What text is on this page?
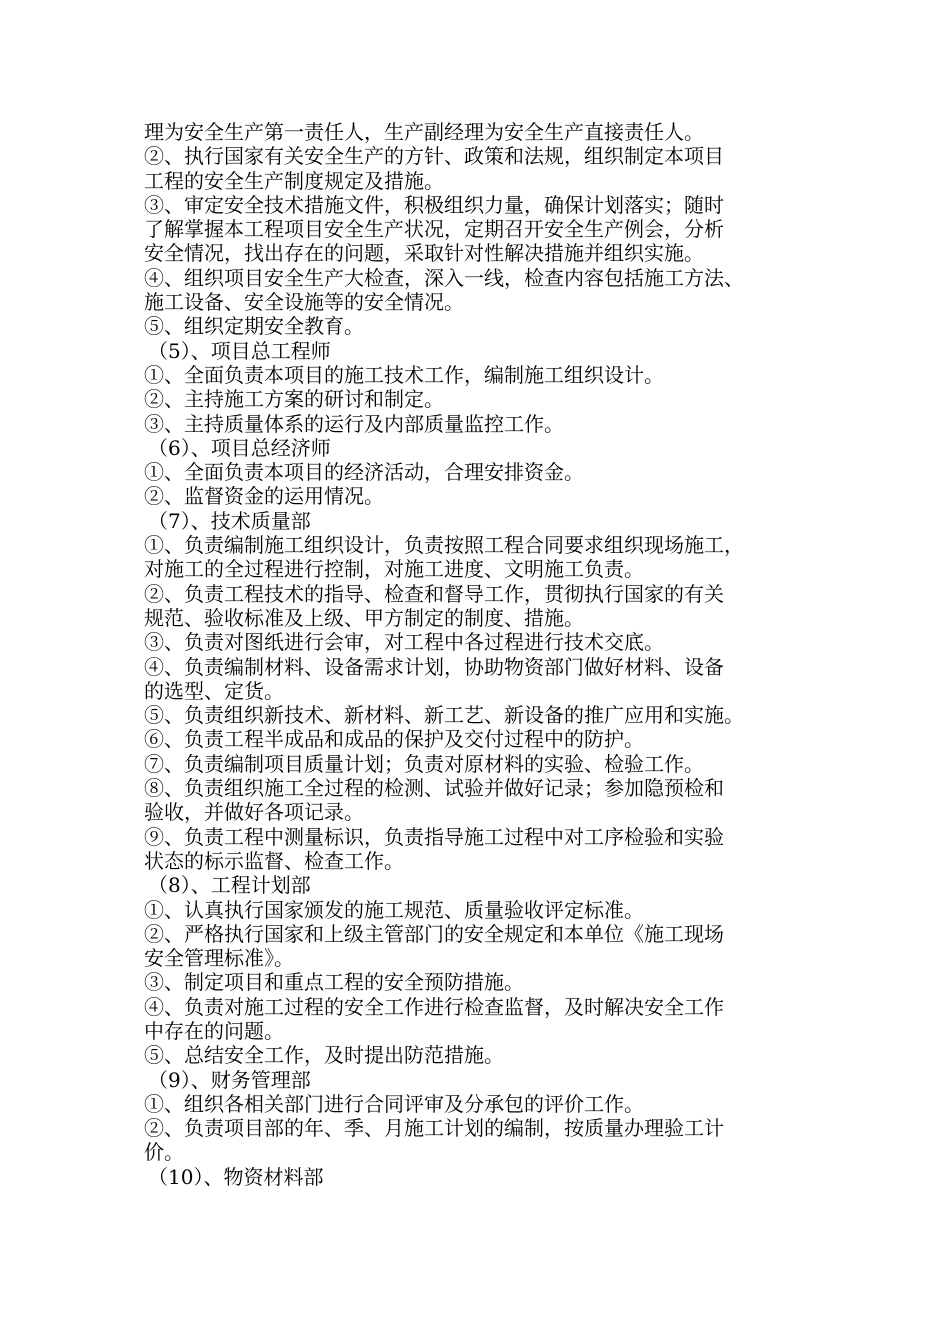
理为安全生产第一责任人，生产副经理为安全生产直接责任人。
②、执行国家有关安全生产的方针、政策和法规，组织制定本项目
工程的安全生产制度规定及措施。
③、审定安全技术措施文件，积极组织力量，确保计划落实；随时
了解掌握本工程项目安全生产状况，定期召开安全生产例会，分析
安全情况，找出存在的问题，采取针对性解决措施并组织实施。
④、组织项目安全生产大检查，深入一线，检查内容包括施工方法、
施工设备、安全设施等的安全情况。
⑤、组织定期安全教育。
（5）、项目总工程师
①、全面负责本项目的施工技术工作，编制施工组织设计。
②、主持施工方案的研讨和制定。
③、主持质量体系的运行及内部质量监控工作。
（6）、项目总经济师
①、全面负责本项目的经济活动，合理安排资金。
②、监督资金的运用情况。
（7）、技术质量部
①、负责编制施工组织设计，负责按照工程合同要求组织现场施工，
对施工的全过程进行控制，对施工进度、文明施工负责。
②、负责工程技术的指导、检查和督导工作，贯彻执行国家的有关
规范、验收标准及上级、甲方制定的制度、措施。
③、负责对图纸进行会审，对工程中各过程进行技术交底。
④、负责编制材料、设备需求计划，协助物资部门做好材料、设备
的选型、定货。
⑤、负责组织新技术、新材料、新工艺、新设备的推广应用和实施。
⑥、负责工程半成品和成品的保护及交付过程中的防护。
⑦、负责编制项目质量计划；负责对原材料的实验、检验工作。
⑧、负责组织施工全过程的检测、试验并做好记录；参加隐预检和
验收，并做好各项记录。
⑨、负责工程中测量标识，负责指导施工过程中对工序检验和实验
状态的标示监督、检查工作。
（8）、工程计划部
①、认真执行国家颁发的施工规范、质量验收评定标准。
②、严格执行国家和上级主管部门的安全规定和本单位《施工现场
安全管理标准》。
③、制定项目和重点工程的安全预防措施。
④、负责对施工过程的安全工作进行检查监督，及时解决安全工作
中存在的问题。
⑤、总结安全工作，及时提出防范措施。
（9）、财务管理部
①、组织各相关部门进行合同评审及分承包的评价工作。
②、负责项目部的年、季、月施工计划的编制，按质量办理验工计
价。
（10）、物资材料部
